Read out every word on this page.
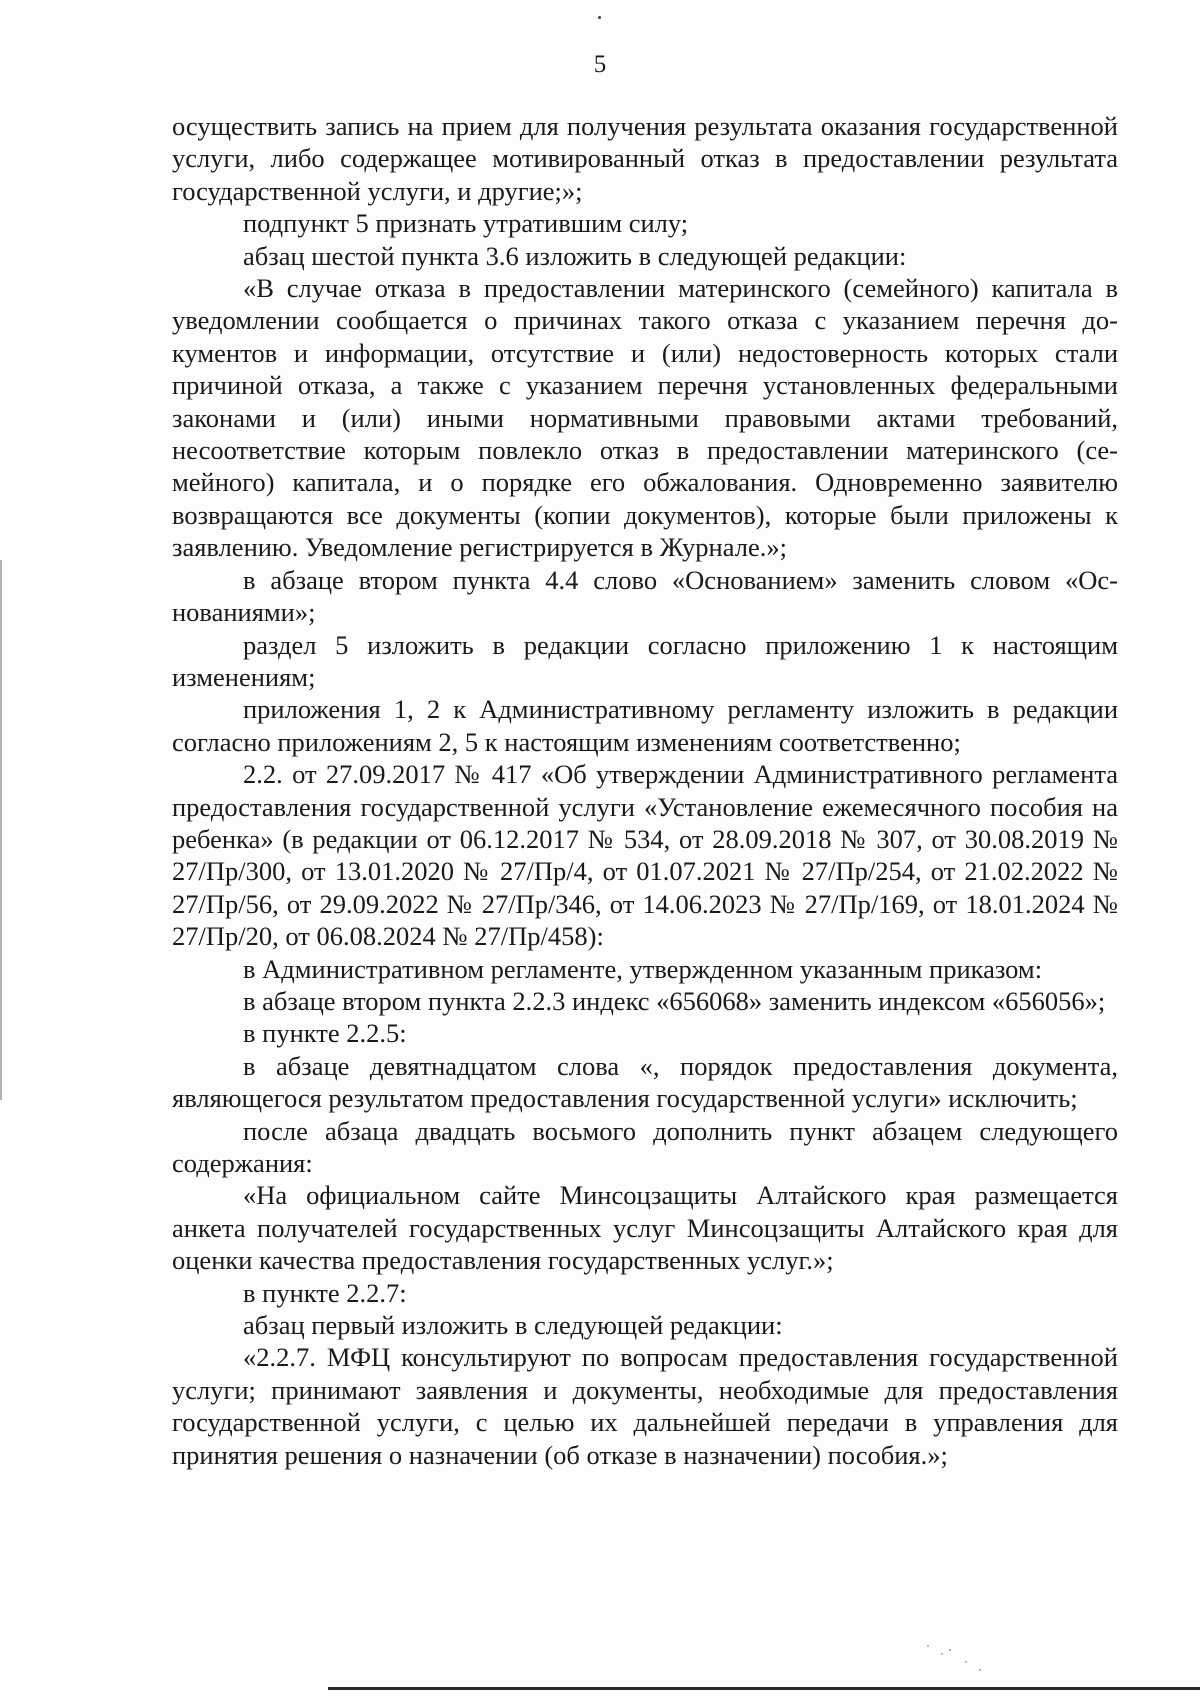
5

осуществить запись на прием для получения результата оказания государственной услуги, либо содержащее мотивированный отказ в предоставлении результата государственной услуги, и другие;»;

подпункт 5 признать утратившим силу;

абзац шестой пункта 3.6 изложить в следующей редакции:

«В случае отказа в предоставлении материнского (семейного) капитала в уведомлении сообщается о причинах такого отказа с указанием перечня документов и информации, отсутствие и (или) недостоверность которых стали причиной отказа, а также с указанием перечня установленных федеральными законами и (или) иными нормативными правовыми актами требований, несоответствие которым повлекло отказ в предоставлении материнского (семейного) капитала, и о порядке его обжалования. Одновременно заявителю возвращаются все документы (копии документов), которые были приложены к заявлению. Уведомление регистрируется в Журнале.»;

в абзаце втором пункта 4.4 слово «Основанием» заменить словом «Основаниями»;

раздел 5 изложить в редакции согласно приложению 1 к настоящим изменениям;

приложения 1, 2 к Административному регламенту изложить в редакции согласно приложениям 2, 5 к настоящим изменениям соответственно;

2.2. от 27.09.2017 № 417 «Об утверждении Административного регламента предоставления государственной услуги «Установление ежемесячного пособия на ребенка» (в редакции от 06.12.2017 № 534, от 28.09.2018 № 307, от 30.08.2019 № 27/Пр/300, от 13.01.2020 № 27/Пр/4, от 01.07.2021 № 27/Пр/254, от 21.02.2022 № 27/Пр/56, от 29.09.2022 № 27/Пр/346, от 14.06.2023 № 27/Пр/169, от 18.01.2024 № 27/Пр/20, от 06.08.2024 № 27/Пр/458):

в Административном регламенте, утвержденном указанным приказом:

в абзаце втором пункта 2.2.3 индекс «656068» заменить индексом «656056»;

в пункте 2.2.5:

в абзаце девятнадцатом слова «, порядок предоставления документа, являющегося результатом предоставления государственной услуги» исключить;

после абзаца двадцать восьмого дополнить пункт абзацем следующего содержания:

«На официальном сайте Минсоцзащиты Алтайского края размещается анкета получателей государственных услуг Минсоцзащиты Алтайского края для оценки качества предоставления государственных услуг.»;

в пункте 2.2.7:

абзац первый изложить в следующей редакции:

«2.2.7. МФЦ консультируют по вопросам предоставления государственной услуги; принимают заявления и документы, необходимые для предоставления государственной услуги, с целью их дальнейшей передачи в управления для принятия решения о назначении (об отказе в назначении) пособия.»;
